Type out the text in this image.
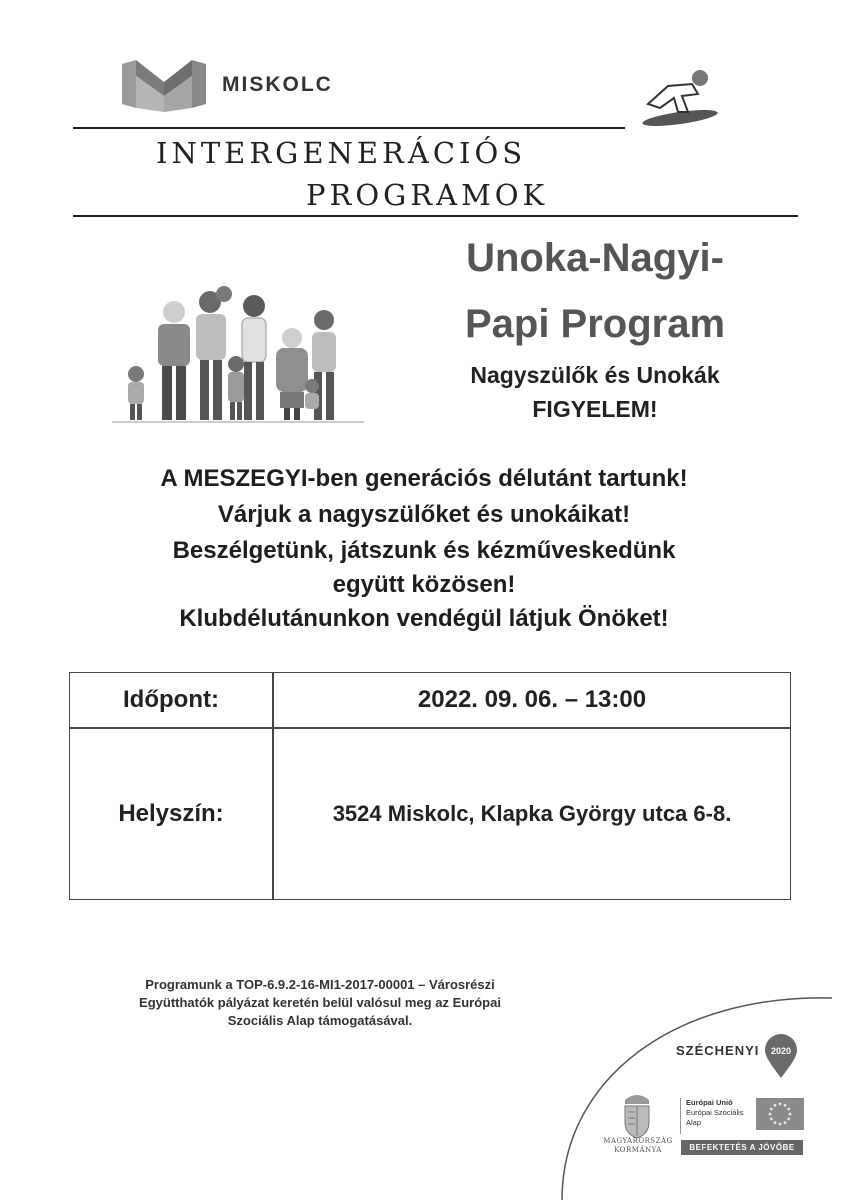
MISKOLC
INTERGENERÁCIÓS
PROGRAMOK
Unoka-Nagyi-
Papi Program
Nagyszülők és Unokák
FIGYELEM!
A MESZEGYI-ben generációs délutánt tartunk!
Várjuk a nagyszülőket és unokáikat!
Beszélgetünk, játszunk és kézműveskedünk
együtt közösen!
Klubdélutánunkon vendégül látjuk Önöket!
Időpont:	2022. 09. 06. – 13:00
Helyszín:	3524 Miskolc, Klapka György utca 6-8.
Programunk a TOP-6.9.2-16-MI1-2017-00001 – Városrészi
Együtthatók pályázat keretén belül valósul meg az Európai
Szociális Alap támogatásával.
SZÉCHENYI 2020
MAGYARORSZÁG
KORMÁNYA
Európai Unió
Európai Szociális
Alap
BEFEKTETÉS A JÖVŐBE
